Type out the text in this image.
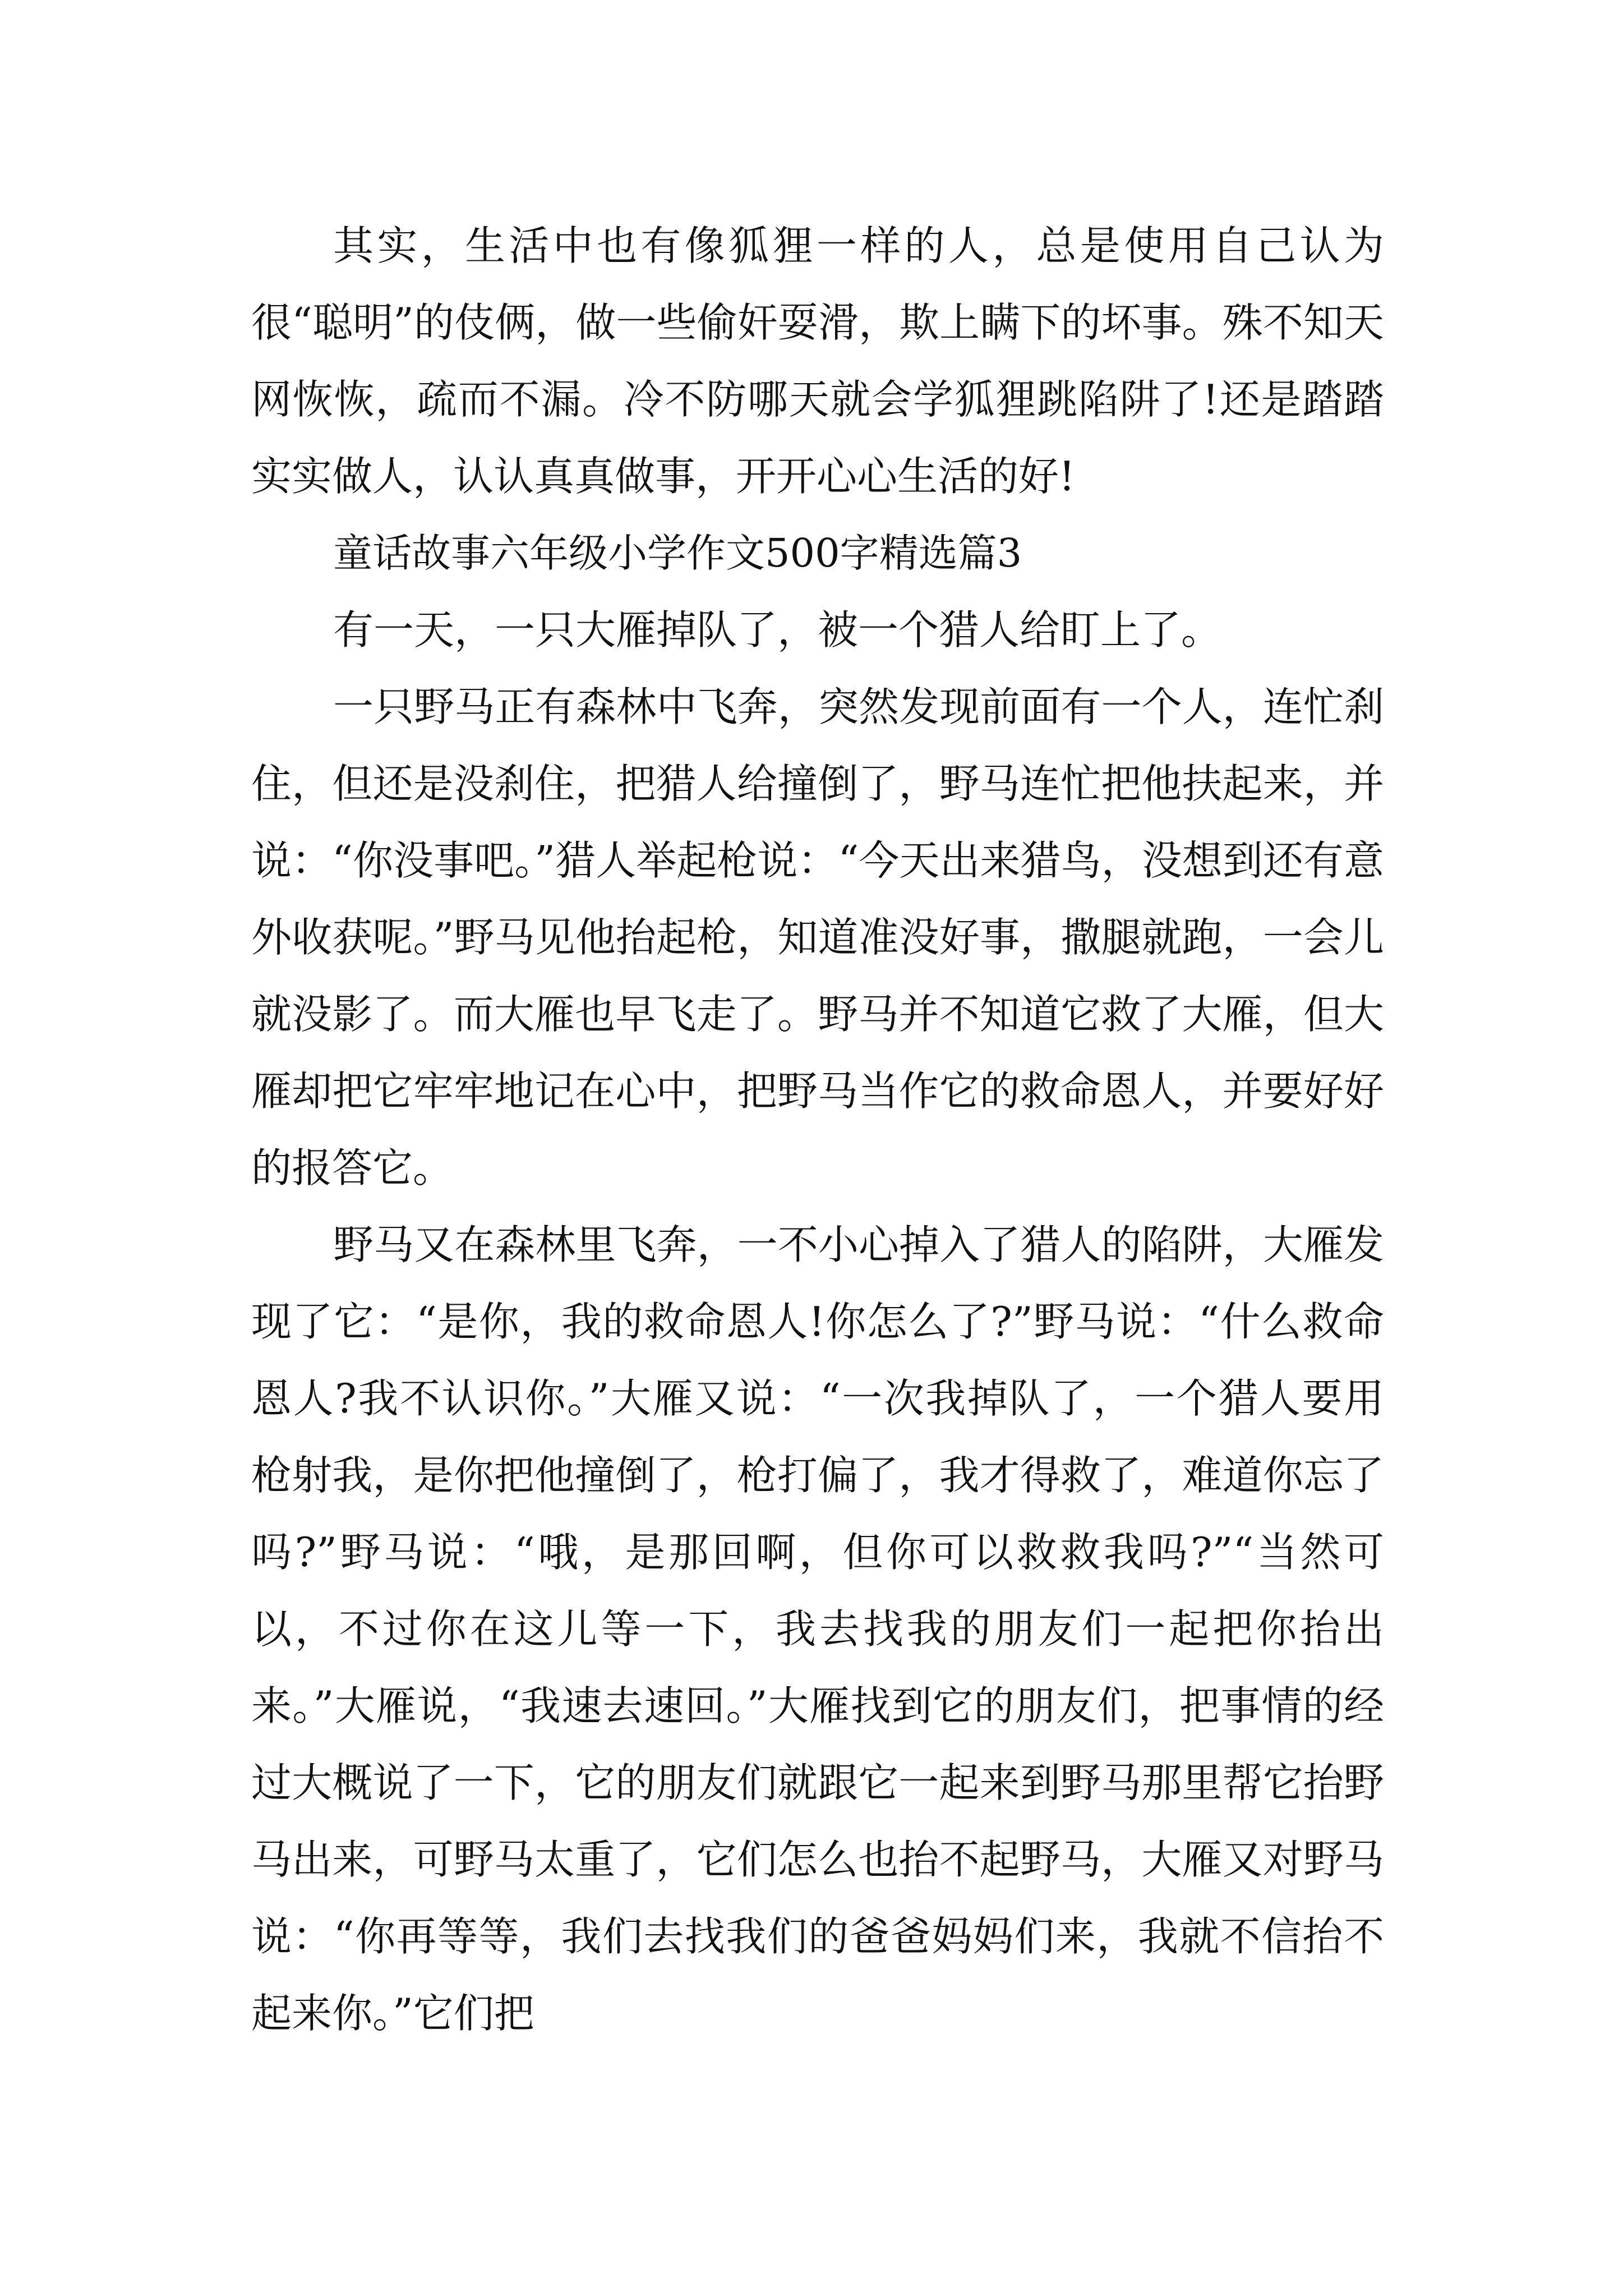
其实，生活中也有像狐狸一样的人，总是使用自己认为很“聪明”的伎俩，做一些偷奸耍滑，欺上瞒下的坏事。殊不知天网恢恢，疏而不漏。冷不防哪天就会学狐狸跳陷阱了!还是踏踏实实做人，认认真真做事，开开心心生活的好!

童话故事六年级小学作文500字精选篇3

有一天，一只大雁掉队了，被一个猎人给盯上了。

一只野马正有森林中飞奔，突然发现前面有一个人，连忙刹住，但还是没刹住，把猎人给撞倒了，野马连忙把他扶起来，并说：“你没事吧。”猎人举起枪说：“今天出来猎鸟，没想到还有意外收获呢。”野马见他抬起枪，知道准没好事，撒腿就跑，一会儿就没影了。而大雁也早飞走了。野马并不知道它救了大雁，但大雁却把它牢牢地记在心中，把野马当作它的救命恩人，并要好好的报答它。

野马又在森林里飞奔，一不小心掉入了猎人的陷阱，大雁发现了它：“是你，我的救命恩人!你怎么了?”野马说：“什么救命恩人?我不认识你。”大雁又说：“一次我掉队了，一个猎人要用枪射我，是你把他撞倒了，枪打偏了，我才得救了，难道你忘了吗?”野马说：“哦，是那回啊，但你可以救救我吗?”“当然可以，不过你在这儿等一下，我去找我的朋友们一起把你抬出来。”大雁说，“我速去速回。”大雁找到它的朋友们，把事情的经过大概说了一下，它的朋友们就跟它一起来到野马那里帮它抬野马出来，可野马太重了，它们怎么也抬不起野马，大雁又对野马说：“你再等等，我们去找我们的爸爸妈妈们来，我就不信抬不起来你。”它们把
